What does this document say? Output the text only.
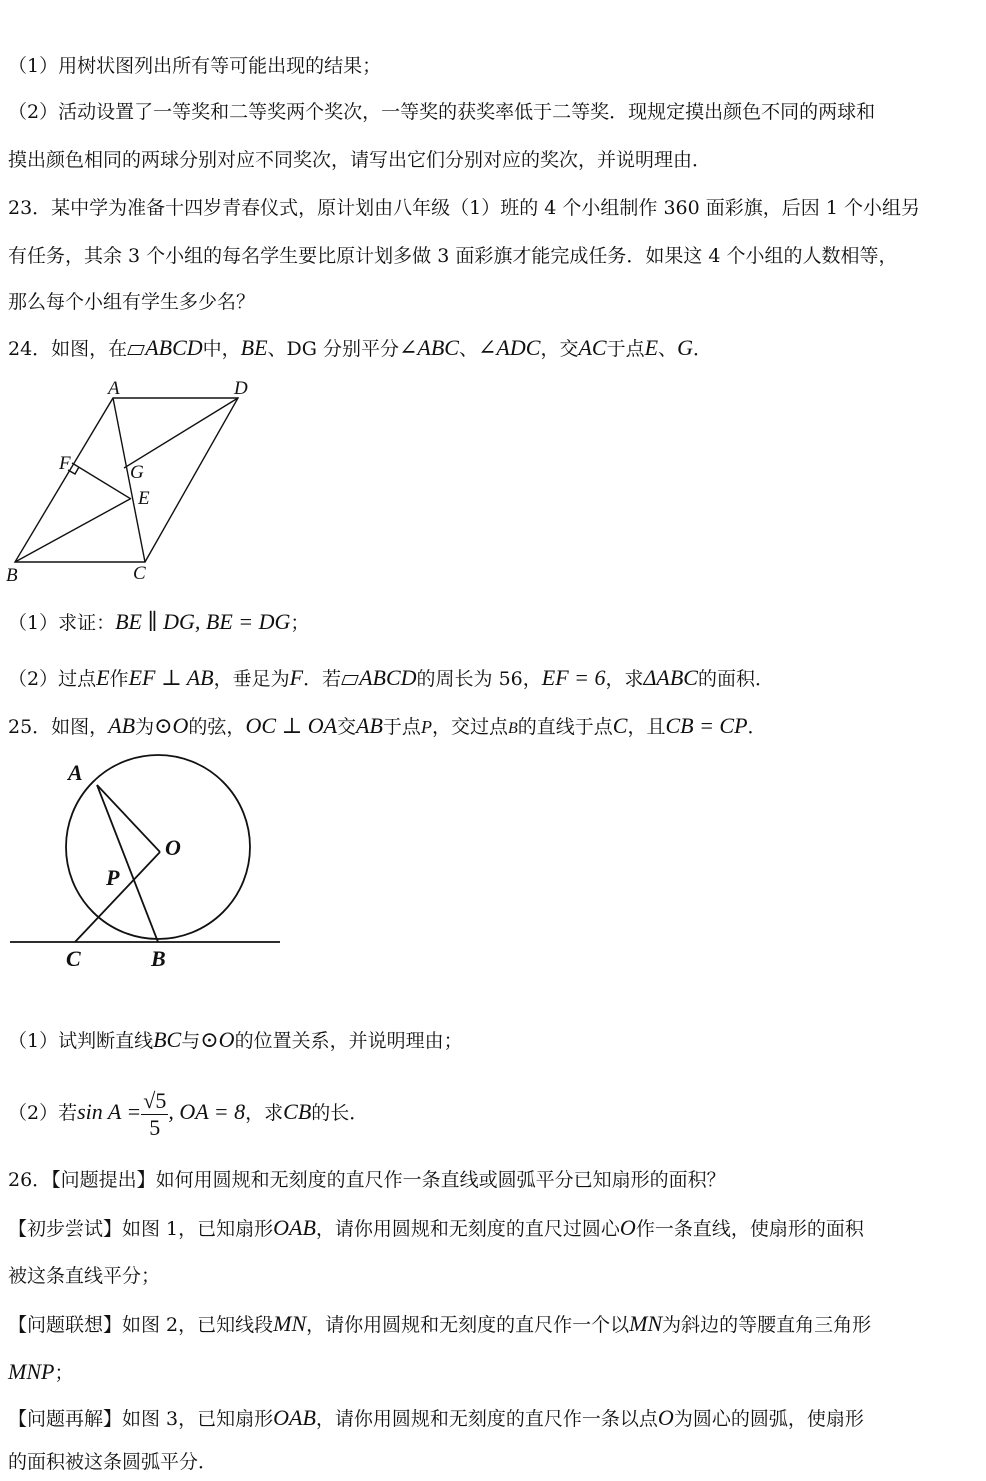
（1）用树状图列出所有等可能出现的结果；
（2）活动设置了一等奖和二等奖两个奖次，一等奖的获奖率低于二等奖．现规定摸出颜色不同的两球和
摸出颜色相同的两球分别对应不同奖次，请写出它们分别对应的奖次，并说明理由．
23．某中学为准备十四岁青春仪式，原计划由八年级（1）班的 4 个小组制作 360 面彩旗，后因 1 个小组另
有任务，其余 3 个小组的每名学生要比原计划多做 3 面彩旗才能完成任务．如果这 4 个小组的人数相等，
那么每个小组有学生多少名？
24．如图，在 ABCD中，BE、DG 分别平分∠ABC、∠ADC，交AC于点E、G．
A	D
F	G
E
B	C
（1）求证：BE ∥ DG, BE = DG；
（2）过点E作EF ⊥ AB，垂足为F．若 ABCD的周长为 56，EF = 6，求ΔABC的面积．
25．如图，AB为⊙O的弦，OC ⊥ OA交AB于点P，交过点B的直线于点C，且CB = CP．
A
O
P
C	B
（1）试判断直线BC与⊙O的位置关系，并说明理由；
（2）若$\sin A = \frac{√5}{5}$ , OA = 8，求CB的长．
26．【问题提出】如何用圆规和无刻度的直尺作一条直线或圆弧平分已知扇形的面积？
【初步尝试】如图 1，已知扇形OAB，请你用圆规和无刻度的直尺过圆心O作一条直线，使扇形的面积
被这条直线平分；
【问题联想】如图 2，已知线段MN，请你用圆规和无刻度的直尺作一个以MN为斜边的等腰直角三角形
MNP；
【问题再解】如图 3，已知扇形OAB，请你用圆规和无刻度的直尺作一条以点O为圆心的圆弧，使扇形
的面积被这条圆弧平分．
